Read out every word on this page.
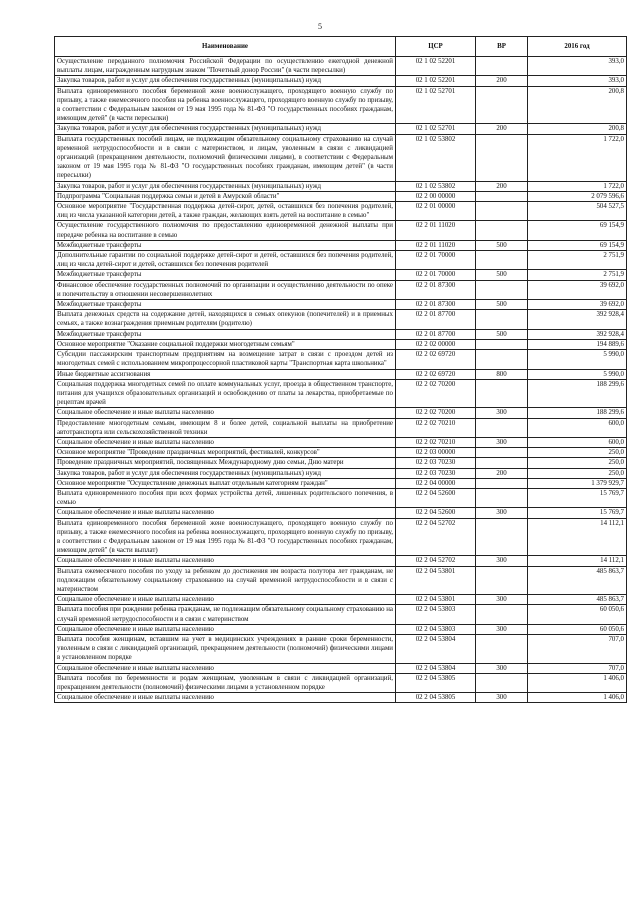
5
Наименование	ЦСР	ВР	2016 год
Осуществление переданного полномочия Российской Федерации по осуществлению ежегодной денежной выплаты лицам, награжденным нагрудным знаком "Почетный донор России" (в части пересылки)	02 1 02 52201		393,0
Закупка товаров, работ и услуг для обеспечения государственных (муниципальных) нужд	02 1 02 52201	200	393,0
Выплата единовременного пособия беременной жене военнослужащего, проходящего военную службу по призыву, а также ежемесячного пособия на ребенка военнослужащего, проходящего военную службу по призыву, в соответствии с Федеральным законом от 19 мая 1995 года № 81-ФЗ "О государственных пособиях гражданам, имеющим детей" (в части пересылки)	02 1 02 52701		200,8
Закупка товаров, работ и услуг для обеспечения государственных (муниципальных) нужд	02 1 02 52701	200	200,8
Выплата государственных пособий лицам, не подлежащим обязательному социальному страхованию на случай временной нетрудоспособности и в связи с материнством, и лицам, уволенным в связи с ликвидацией организаций (прекращением деятельности, полномочий физическими лицами), в соответствии с Федеральным законом от 19 мая 1995 года № 81-ФЗ "О государственных пособиях гражданам, имеющим детей" (в части пересылки)	02 1 02 53802		1 722,0
Закупка товаров, работ и услуг для обеспечения государственных (муниципальных) нужд	02 1 02 53802	200	1 722,0
Подпрограмма "Социальная поддержка семьи и детей в Амурской области"	02 2 00 00000		2 079 596,6
Основное мероприятие "Государственная поддержка детей-сирот, детей, оставшихся без попечения родителей, лиц из числа указанной категории детей, а также граждан, желающих взять детей на воспитание в семью"	02 2 01 00000		504 527,5
Осуществление государственного полномочия по предоставлению единовременной денежной выплаты при передаче ребенка на воспитание в семью	02 2 01 11020		69 154,9
Межбюджетные трансферты	02 2 01 11020	500	69 154,9
Дополнительные гарантии по социальной поддержке детей-сирот и детей, оставшихся без попечения родителей, лиц из числа детей-сирот и детей, оставшихся без попечения родителей	02 2 01 70000		2 751,9
Межбюджетные трансферты	02 2 01 70000	500	2 751,9
Финансовое обеспечение государственных полномочий по организации и осуществлению деятельности по опеке и попечительству в отношении несовершеннолетних	02 2 01 87300		39 692,0
Межбюджетные трансферты	02 2 01 87300	500	39 692,0
Выплата денежных средств на содержание детей, находящихся в семьях опекунов (попечителей) и в приемных семьях, а также вознаграждения приемным родителям (родителю)	02 2 01 87700		392 928,4
Межбюджетные трансферты	02 2 01 87700	500	392 928,4
Основное мероприятие "Оказание социальной поддержки многодетным семьям"	02 2 02 00000		194 889,6
Субсидии пассажирским транспортным предприятиям на возмещение затрат в связи с проездом детей из многодетных семей с использованием микропроцессорной пластиковой карты "Транспортная карта школьника"	02 2 02 69720		5 990,0
Иные бюджетные ассигнования	02 2 02 69720	800	5 990,0
Социальная поддержка многодетных семей по оплате коммунальных услуг, проезда в общественном транспорте, питания для учащихся образовательных организаций и освобождению от платы за лекарства, приобретаемые по рецептам врачей	02 2 02 70200		188 299,6
Социальное обеспечение и иные выплаты населению	02 2 02 70200	300	188 299,6
Предоставление многодетным семьям, имеющим 8 и более детей, социальной выплаты на приобретение автотранспорта или сельскохозяйственной техники	02 2 02 70210		600,0
Социальное обеспечение и иные выплаты населению	02 2 02 70210	300	600,0
Основное мероприятие "Проведение праздничных мероприятий, фестивалей, конкурсов"	02 2 03 00000		250,0
Проведение праздничных мероприятий, посвященных Международному дню семьи, Дню матери	02 2 03 70230		250,0
Закупка товаров, работ и услуг для обеспечения государственных (муниципальных) нужд	02 2 03 70230	200	250,0
Основное мероприятие "Осуществление денежных выплат отдельным категориям граждан"	02 2 04 00000		1 379 929,7
Выплата единовременного пособия при всех формах устройства детей, лишенных родительского попечения, в семью	02 2 04 52600		15 769,7
Социальное обеспечение и иные выплаты населению	02 2 04 52600	300	15 769,7
Выплата единовременного пособия беременной жене военнослужащего, проходящего военную службу по призыву, а также ежемесячного пособия на ребенка военнослужащего, проходящего военную службу по призыву, в соответствии с Федеральным законом от 19 мая 1995 года № 81-ФЗ "О государственных пособиях гражданам, имеющим детей" (в части выплат)	02 2 04 52702		14 112,1
Социальное обеспечение и иные выплаты населению	02 2 04 52702	300	14 112,1
Выплата ежемесячного пособия по уходу за ребенком до достижения им возраста полутора лет гражданам, не подлежащим обязательному социальному страхованию на случай временной нетрудоспособности и в связи с материнством	02 2 04 53801		485 863,7
Социальное обеспечение и иные выплаты населению	02 2 04 53801	300	485 863,7
Выплата пособия при рождении ребенка гражданам, не подлежащим обязательному социальному страхованию на случай временной нетрудоспособности и в связи с материнством	02 2 04 53803		60 050,6
Социальное обеспечение и иные выплаты населению	02 2 04 53803	300	60 050,6
Выплата пособия женщинам, вставшим на учет в медицинских учреждениях в ранние сроки беременности, уволенным в связи с ликвидацией организаций, прекращением деятельности (полномочий) физическими лицами в установленном порядке	02 2 04 53804		707,0
Социальное обеспечение и иные выплаты населению	02 2 04 53804	300	707,0
Выплата пособия по беременности и родам женщинам, уволенным в связи с ликвидацией организаций, прекращением деятельности (полномочий) физическими лицами в установленном порядке	02 2 04 53805		1 406,0
Социальное обеспечение и иные выплаты населению	02 2 04 53805	300	1 406,0
